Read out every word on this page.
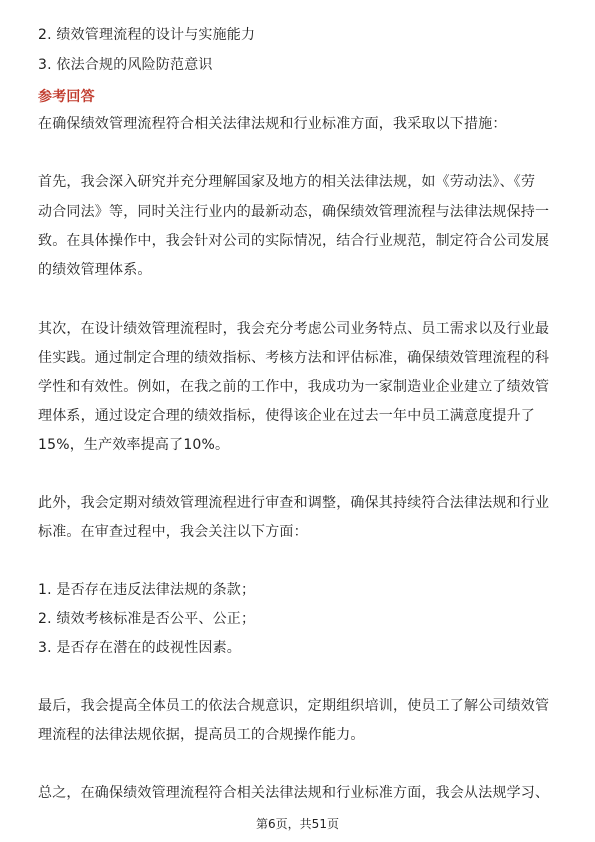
2. 绩效管理流程的设计与实施能力
3. 依法合规的风险防范意识
参考回答
在确保绩效管理流程符合相关法律法规和行业标准方面，我采取以下措施：
首先，我会深入研究并充分理解国家及地方的相关法律法规，如《劳动法》、《劳
动合同法》等，同时关注行业内的最新动态，确保绩效管理流程与法律法规保持一
致。在具体操作中，我会针对公司的实际情况，结合行业规范，制定符合公司发展
的绩效管理体系。
其次，在设计绩效管理流程时，我会充分考虑公司业务特点、员工需求以及行业最
佳实践。通过制定合理的绩效指标、考核方法和评估标准，确保绩效管理流程的科
学性和有效性。例如，在我之前的工作中，我成功为一家制造业企业建立了绩效管
理体系，通过设定合理的绩效指标，使得该企业在过去一年中员工满意度提升了
15%，生产效率提高了10%。
此外，我会定期对绩效管理流程进行审查和调整，确保其持续符合法律法规和行业
标准。在审查过程中，我会关注以下方面：
1. 是否存在违反法律法规的条款；
2. 绩效考核标准是否公平、公正；
3. 是否存在潜在的歧视性因素。
最后，我会提高全体员工的依法合规意识，定期组织培训，使员工了解公司绩效管
理流程的法律法规依据，提高员工的合规操作能力。
总之，在确保绩效管理流程符合相关法律法规和行业标准方面，我会从法规学习、
第6页，共51页
